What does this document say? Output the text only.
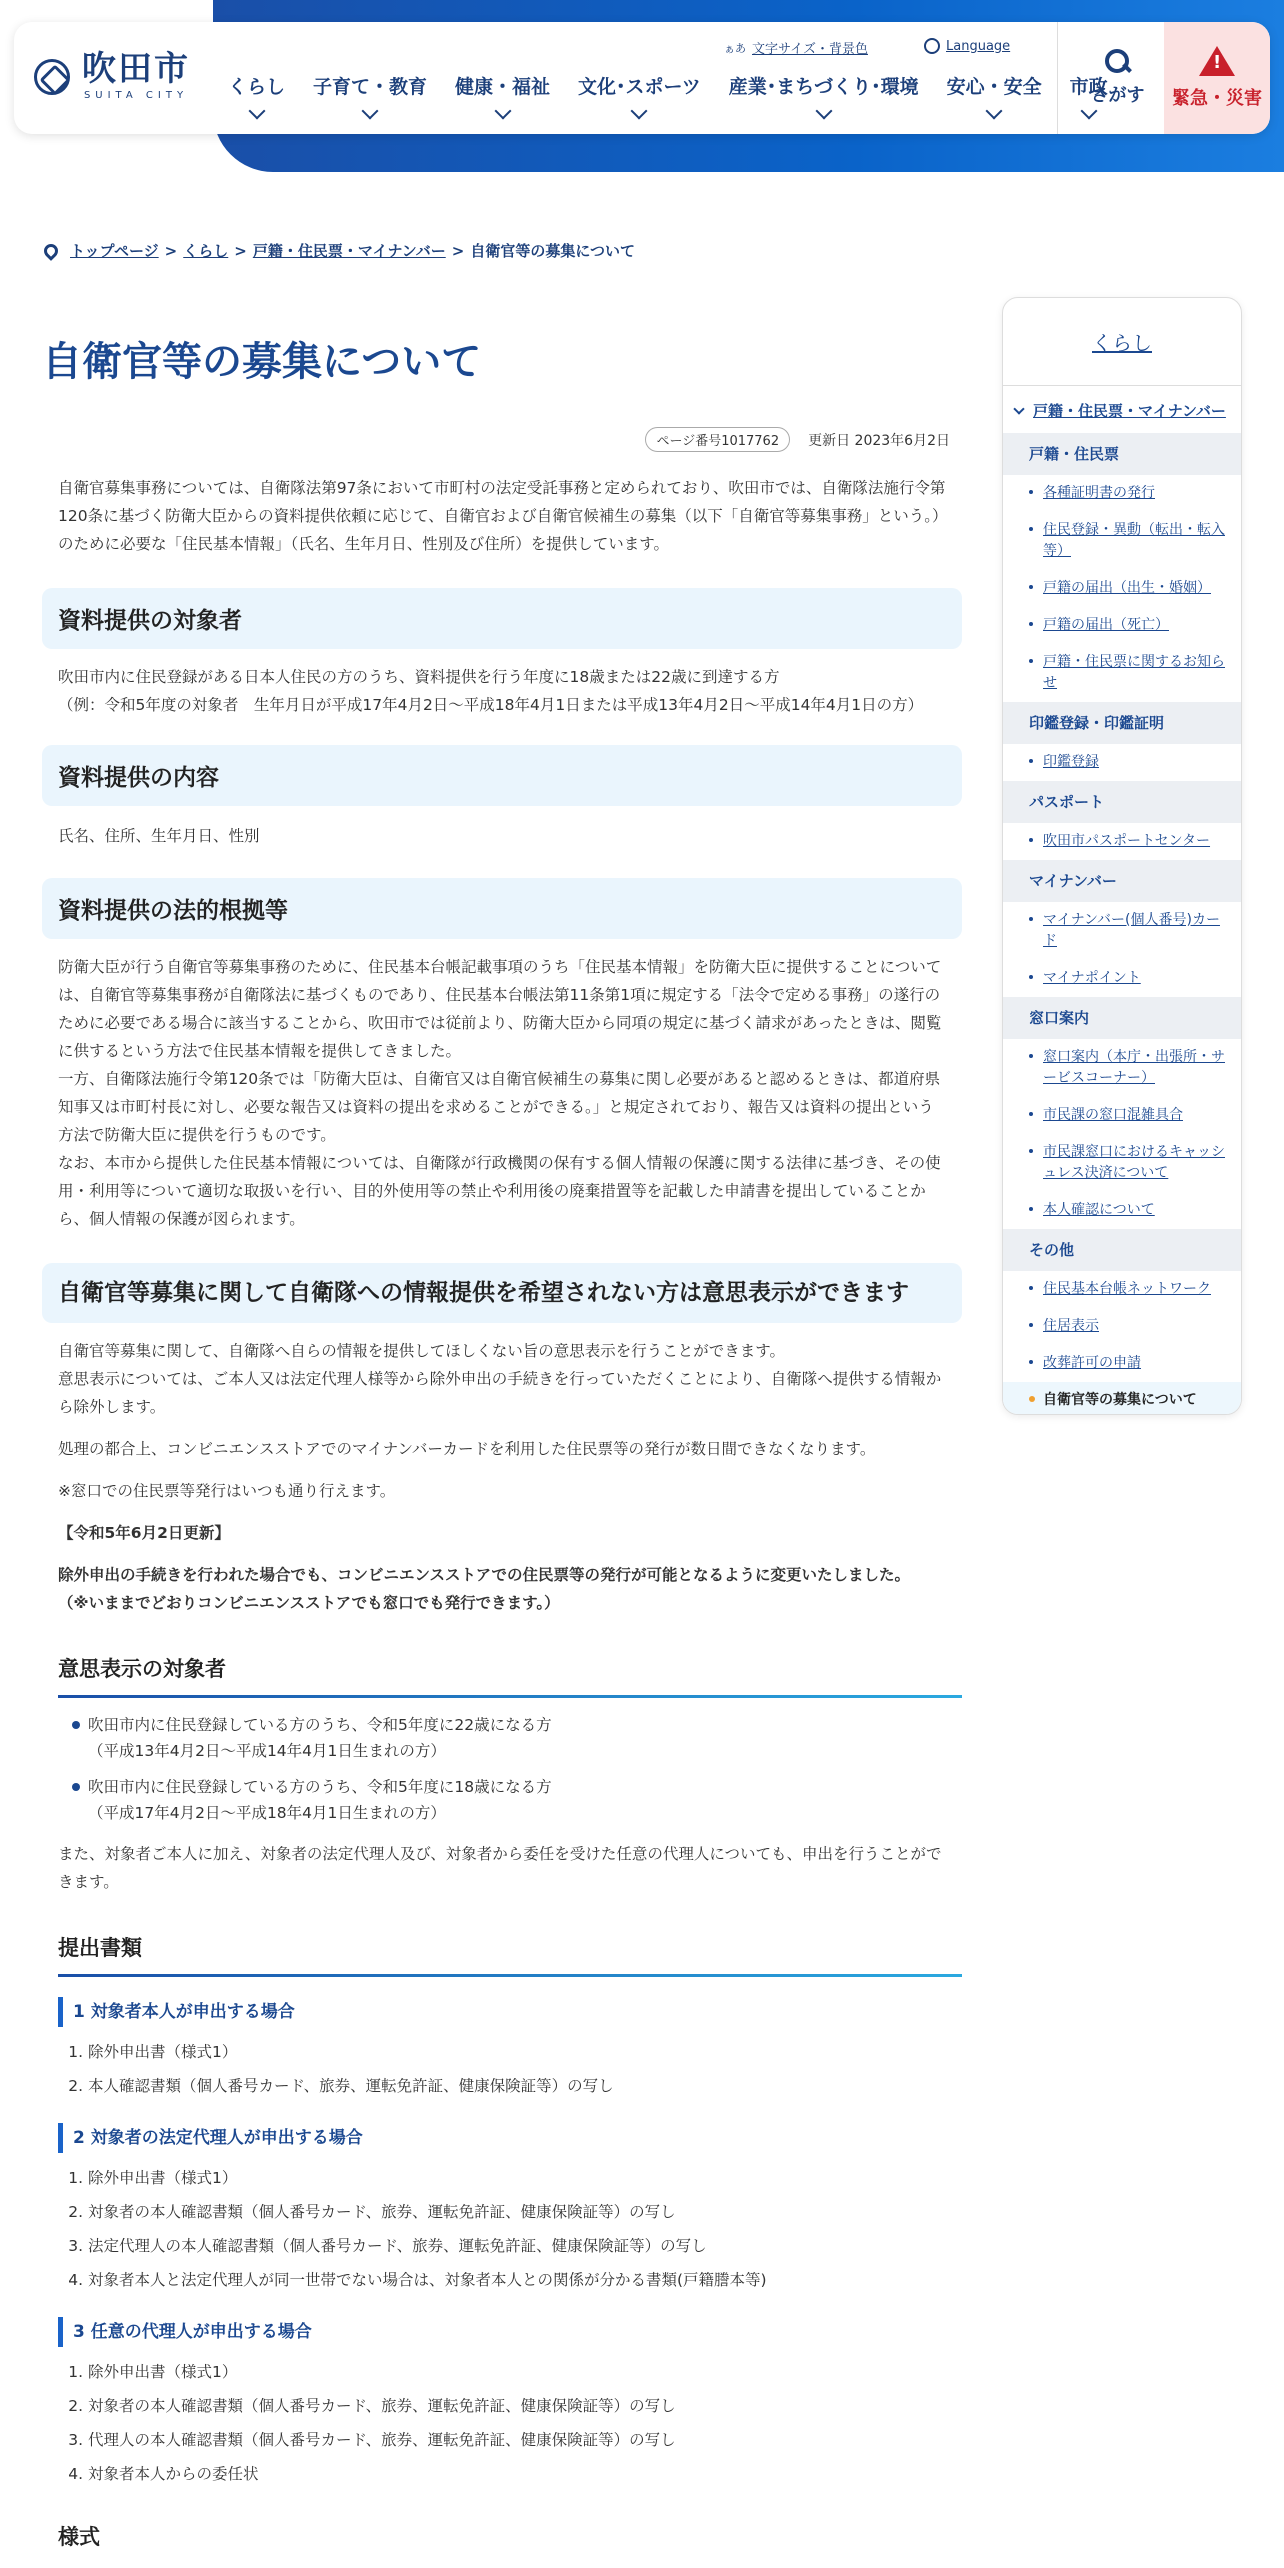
吹田市
SUITA CITY
ぁあ 文字サイズ・背景色	Language
くらし	子育て・教育	健康・福祉	文化･スポーツ	産業･まちづくり･環境	安心・安全	市政
さがす
! 緊急・災害
トップページ > くらし > 戸籍・住民票・マイナンバー > 自衛官等の募集について
自衛官等の募集について
ページ番号1017762	更新日 2023年6月2日

自衛官募集事務については、自衛隊法第97条において市町村の法定受託事務と定められており、吹田市では、自衛隊法施行令第120条に基づく防衛大臣からの資料提供依頼に応じて、自衛官および自衛官候補生の募集（以下「自衛官等募集事務」という。）のために必要な「住民基本情報」（氏名、生年月日、性別及び住所）を提供しています。

資料提供の対象者

吹田市内に住民登録がある日本人住民の方のうち、資料提供を行う年度に18歳または22歳に到達する方

（例：令和5年度の対象者　生年月日が平成17年4月2日～平成18年4月1日または平成13年4月2日～平成14年4月1日の方）

資料提供の内容

氏名、住所、生年月日、性別

資料提供の法的根拠等

防衛大臣が行う自衛官等募集事務のために、住民基本台帳記載事項のうち「住民基本情報」を防衛大臣に提供することについては、自衛官等募集事務が自衛隊法に基づくものであり、住民基本台帳法第11条第1項に規定する「法令で定める事務」の遂行のために必要である場合に該当することから、吹田市では従前より、防衛大臣から同項の規定に基づく請求があったときは、閲覧に供するという方法で住民基本情報を提供してきました。

一方、自衛隊法施行令第120条では「防衛大臣は、自衛官又は自衛官候補生の募集に関し必要があると認めるときは、都道府県知事又は市町村長に対し、必要な報告又は資料の提出を求めることができる。」と規定されており、報告又は資料の提出という方法で防衛大臣に提供を行うものです。

なお、本市から提供した住民基本情報については、自衛隊が行政機関の保有する個人情報の保護に関する法律に基づき、その使用・利用等について適切な取扱いを行い、目的外使用等の禁止や利用後の廃棄措置等を記載した申請書を提出していることから、個人情報の保護が図られます。

自衛官等募集に関して自衛隊への情報提供を希望されない方は意思表示ができます

自衛官等募集に関して、自衛隊へ自らの情報を提供してほしくない旨の意思表示を行うことができます。

意思表示については、ご本人又は法定代理人様等から除外申出の手続きを行っていただくことにより、自衛隊へ提供する情報から除外します。

処理の都合上、コンビニエンスストアでのマイナンバーカードを利用した住民票等の発行が数日間できなくなります。

※窓口での住民票等発行はいつも通り行えます。

【令和5年6月2日更新】

除外申出の手続きを行われた場合でも、コンビニエンスストアでの住民票等の発行が可能となるように変更いたしました。

（※いままでどおりコンビニエンスストアでも窓口でも発行できます。）

意思表示の対象者
吹田市内に住民登録している方のうち、令和5年度に22歳になる方
（平成13年4月2日～平成14年4月1日生まれの方）
吹田市内に住民登録している方のうち、令和5年度に18歳になる方
（平成17年4月2日～平成18年4月1日生まれの方）

また、対象者ご本人に加え、対象者の法定代理人及び、対象者から委任を受けた任意の代理人についても、申出を行うことができます。

提出書類
1 対象者本人が申出する場合
1. 除外申出書（様式1）
2. 本人確認書類（個人番号カード、旅券、運転免許証、健康保険証等）の写し
2 対象者の法定代理人が申出する場合
1. 除外申出書（様式1）
2. 対象者の本人確認書類（個人番号カード、旅券、運転免許証、健康保険証等）の写し
3. 法定代理人の本人確認書類（個人番号カード、旅券、運転免許証、健康保険証等）の写し
4. 対象者本人と法定代理人が同一世帯でない場合は、対象者本人との関係が分かる書類(戸籍謄本等)
3 任意の代理人が申出する場合
1. 除外申出書（様式1）
2. 対象者の本人確認書類（個人番号カード、旅券、運転免許証、健康保険証等）の写し
3. 代理人の本人確認書類（個人番号カード、旅券、運転免許証、健康保険証等）の写し
4. 対象者本人からの委任状
様式
くらし
戸籍・住民票・マイナンバー
戸籍・住民票
各種証明書の発行
住民登録・異動（転出・転入等）
戸籍の届出（出生・婚姻）
戸籍の届出（死亡）
戸籍・住民票に関するお知らせ
印鑑登録・印鑑証明
印鑑登録
パスポート
吹田市パスポートセンター
マイナンバー
マイナンバー(個人番号)カード
マイナポイント
窓口案内
窓口案内（本庁・出張所・サービスコーナー）
市民課の窓口混雑具合
市民課窓口におけるキャッシュレス決済について
本人確認について
その他
住民基本台帳ネットワーク
住居表示
改葬許可の申請
自衛官等の募集について
